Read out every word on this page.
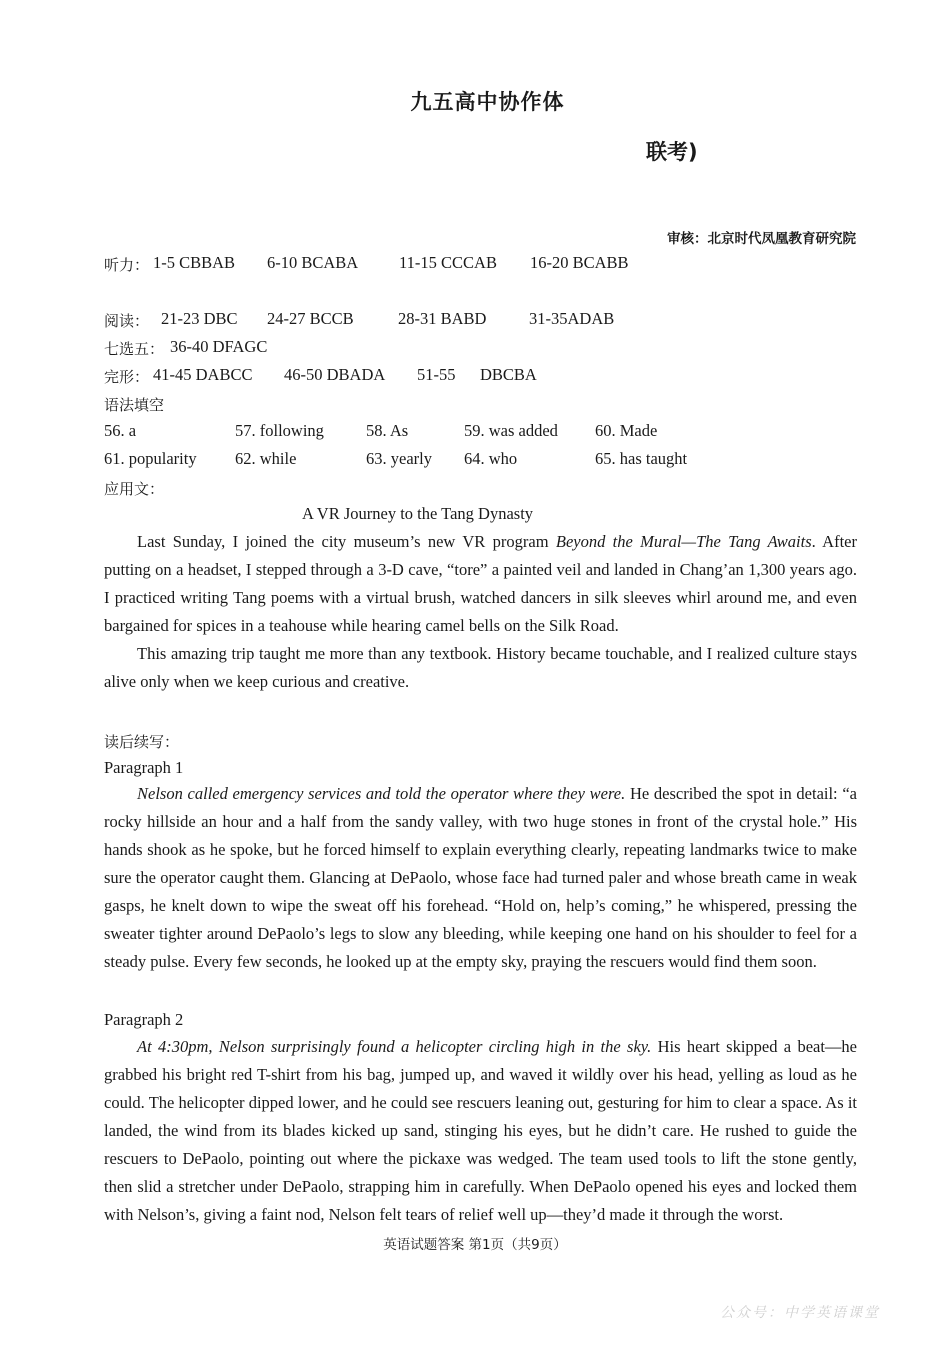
九五高中协作体
联考)
审核：北京时代凤凰教育研究院
听力： 1-5 CBBAB 6-10 BCABA 11-15 CCCAB 16-20 BCABB
阅读： 21-23 DBC 24-27 BCCB	28-31 BABD	31-35ADAB
七选五： 36-40 DFAGC
完形： 41-45 DABCC 46-50 DBADA 51-55 DBCBA
语法填空
56. a	57. following	58. As	59. was added 60. Made
61. popularity 62. while	63. yearly 64. who	65. has taught
应用文：
A VR Journey to the Tang Dynasty
Last Sunday, I joined the city museum’s new VR program Beyond the Mural—The Tang Awaits. After putting on a headset, I stepped through a 3-D cave, “tore” a painted veil and landed in Chang’an 1,300 years ago. I practiced writing Tang poems with a virtual brush, watched dancers in silk sleeves whirl around me, and even bargained for spices in a teahouse while hearing camel bells on the Silk Road.
This amazing trip taught me more than any textbook. History became touchable, and I realized culture stays alive only when we keep curious and creative.
读后续写：
Paragraph 1
Nelson called emergency services and told the operator where they were. He described the spot in detail: “a rocky hillside an hour and a half from the sandy valley, with two huge stones in front of the crystal hole.” His hands shook as he spoke, but he forced himself to explain everything clearly, repeating landmarks twice to make sure the operator caught them. Glancing at DePaolo, whose face had turned paler and whose breath came in weak gasps, he knelt down to wipe the sweat off his forehead. “Hold on, help’s coming,” he whispered, pressing the sweater tighter around DePaolo’s legs to slow any bleeding, while keeping one hand on his shoulder to feel for a steady pulse. Every few seconds, he looked up at the empty sky, praying the rescuers would find them soon.
Paragraph 2
At 4:30pm, Nelson surprisingly found a helicopter circling high in the sky. His heart skipped a beat—he grabbed his bright red T-shirt from his bag, jumped up, and waved it wildly over his head, yelling as loud as he could. The helicopter dipped lower, and he could see rescuers leaning out, gesturing for him to clear a space. As it landed, the wind from its blades kicked up sand, stinging his eyes, but he didn’t care. He rushed to guide the rescuers to DePaolo, pointing out where the pickaxe was wedged. The team used tools to lift the stone gently, then slid a stretcher under DePaolo, strapping him in carefully. When DePaolo opened his eyes and locked them with Nelson’s, giving a faint nod, Nelson felt tears of relief well up—they’d made it through the worst.
英语试题答案 第1页（共9页）
公众号：中学英语课堂
